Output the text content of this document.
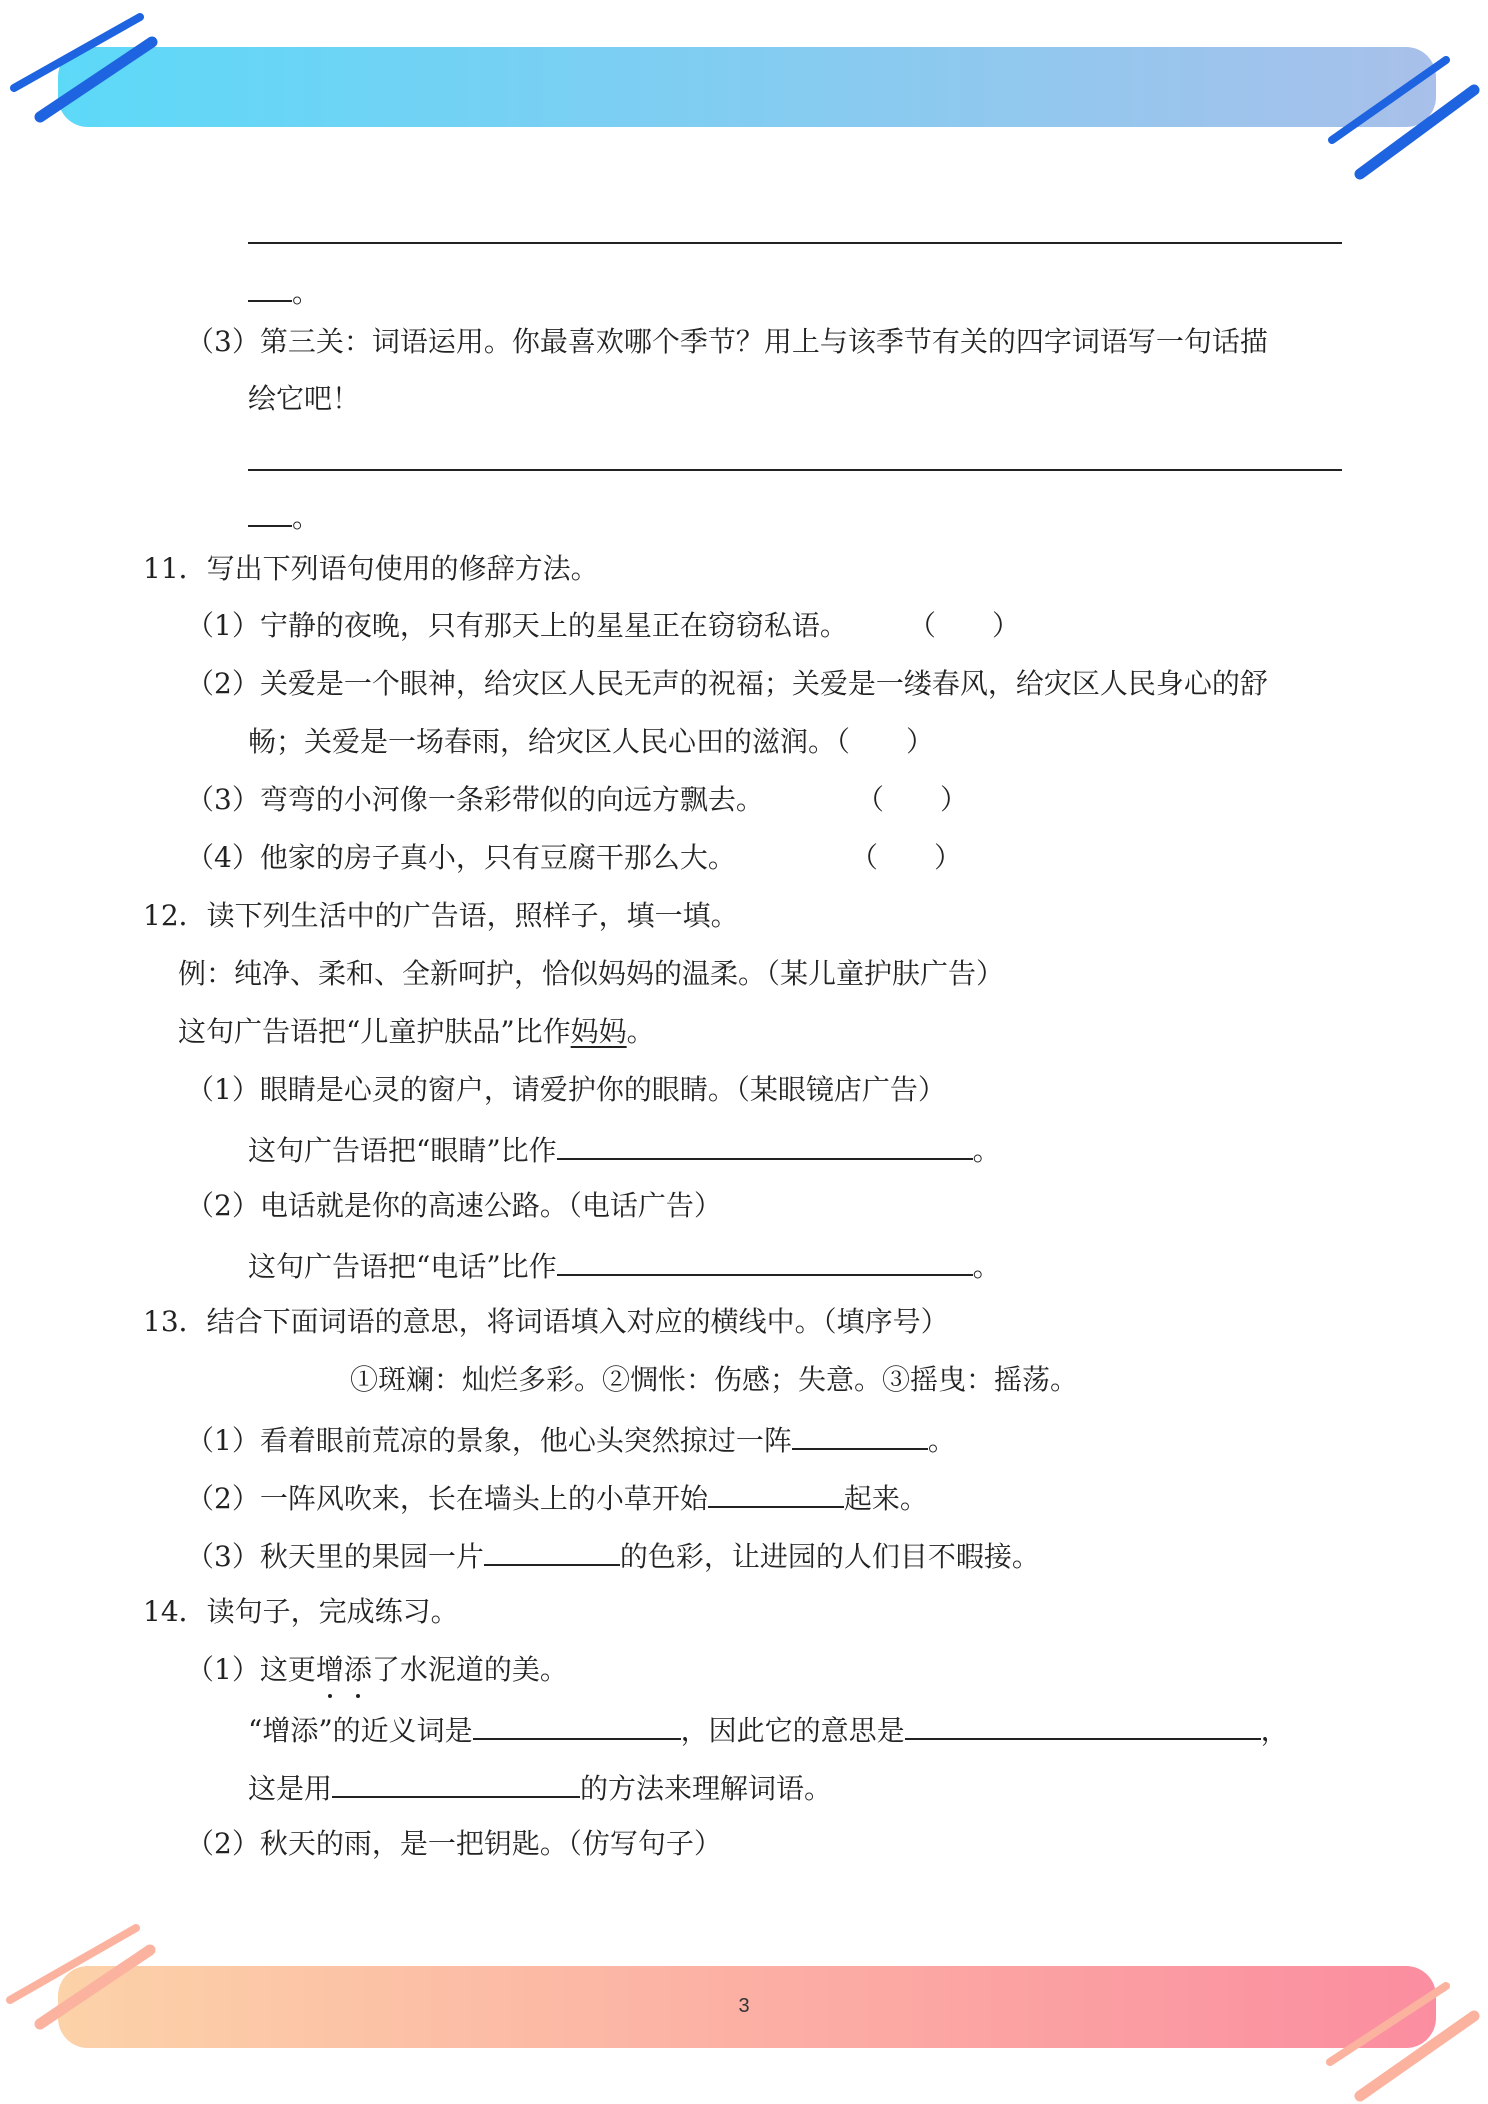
。
（3）第三关：词语运用。你最喜欢哪个季节？用上与该季节有关的四字词语写一句话描
绘它吧！
。
11．写出下列语句使用的修辞方法。
（1）宁静的夜晚，只有那天上的星星正在窃窃私语。 （　　）
（2）关爱是一个眼神，给灾区人民无声的祝福；关爱是一缕春风，给灾区人民身心的舒
畅；关爱是一场春雨，给灾区人民心田的滋润。（　　）
（3）弯弯的小河像一条彩带似的向远方飘去。	（　　）
（4）他家的房子真小，只有豆腐干那么大。	（　　）
12．读下列生活中的广告语，照样子，填一填。
例：纯净、柔和、全新呵护，恰似妈妈的温柔。（某儿童护肤广告）
这句广告语把“儿童护肤品”比作妈妈。
（1）眼睛是心灵的窗户，请爱护你的眼睛。（某眼镜店广告）
这句广告语把“眼睛”比作	。
（2）电话就是你的高速公路。（电话广告）
这句广告语把“电话”比作	。
13．结合下面词语的意思，将词语填入对应的横线中。（填序号）
①斑斓：灿烂多彩。②惆怅：伤感；失意。③摇曳：摇荡。
（1）看着眼前荒凉的景象，他心头突然掠过一阵	。
（2）一阵风吹来，长在墙头上的小草开始	起来。
（3）秋天里的果园一片	的色彩，让进园的人们目不暇接。
14．读句子，完成练习。
（1）这更增添了水泥道的美。
“增添”的近义词是	，因此它的意思是	，
这是用	的方法来理解词语。
（2）秋天的雨，是一把钥匙。（仿写句子）
3
